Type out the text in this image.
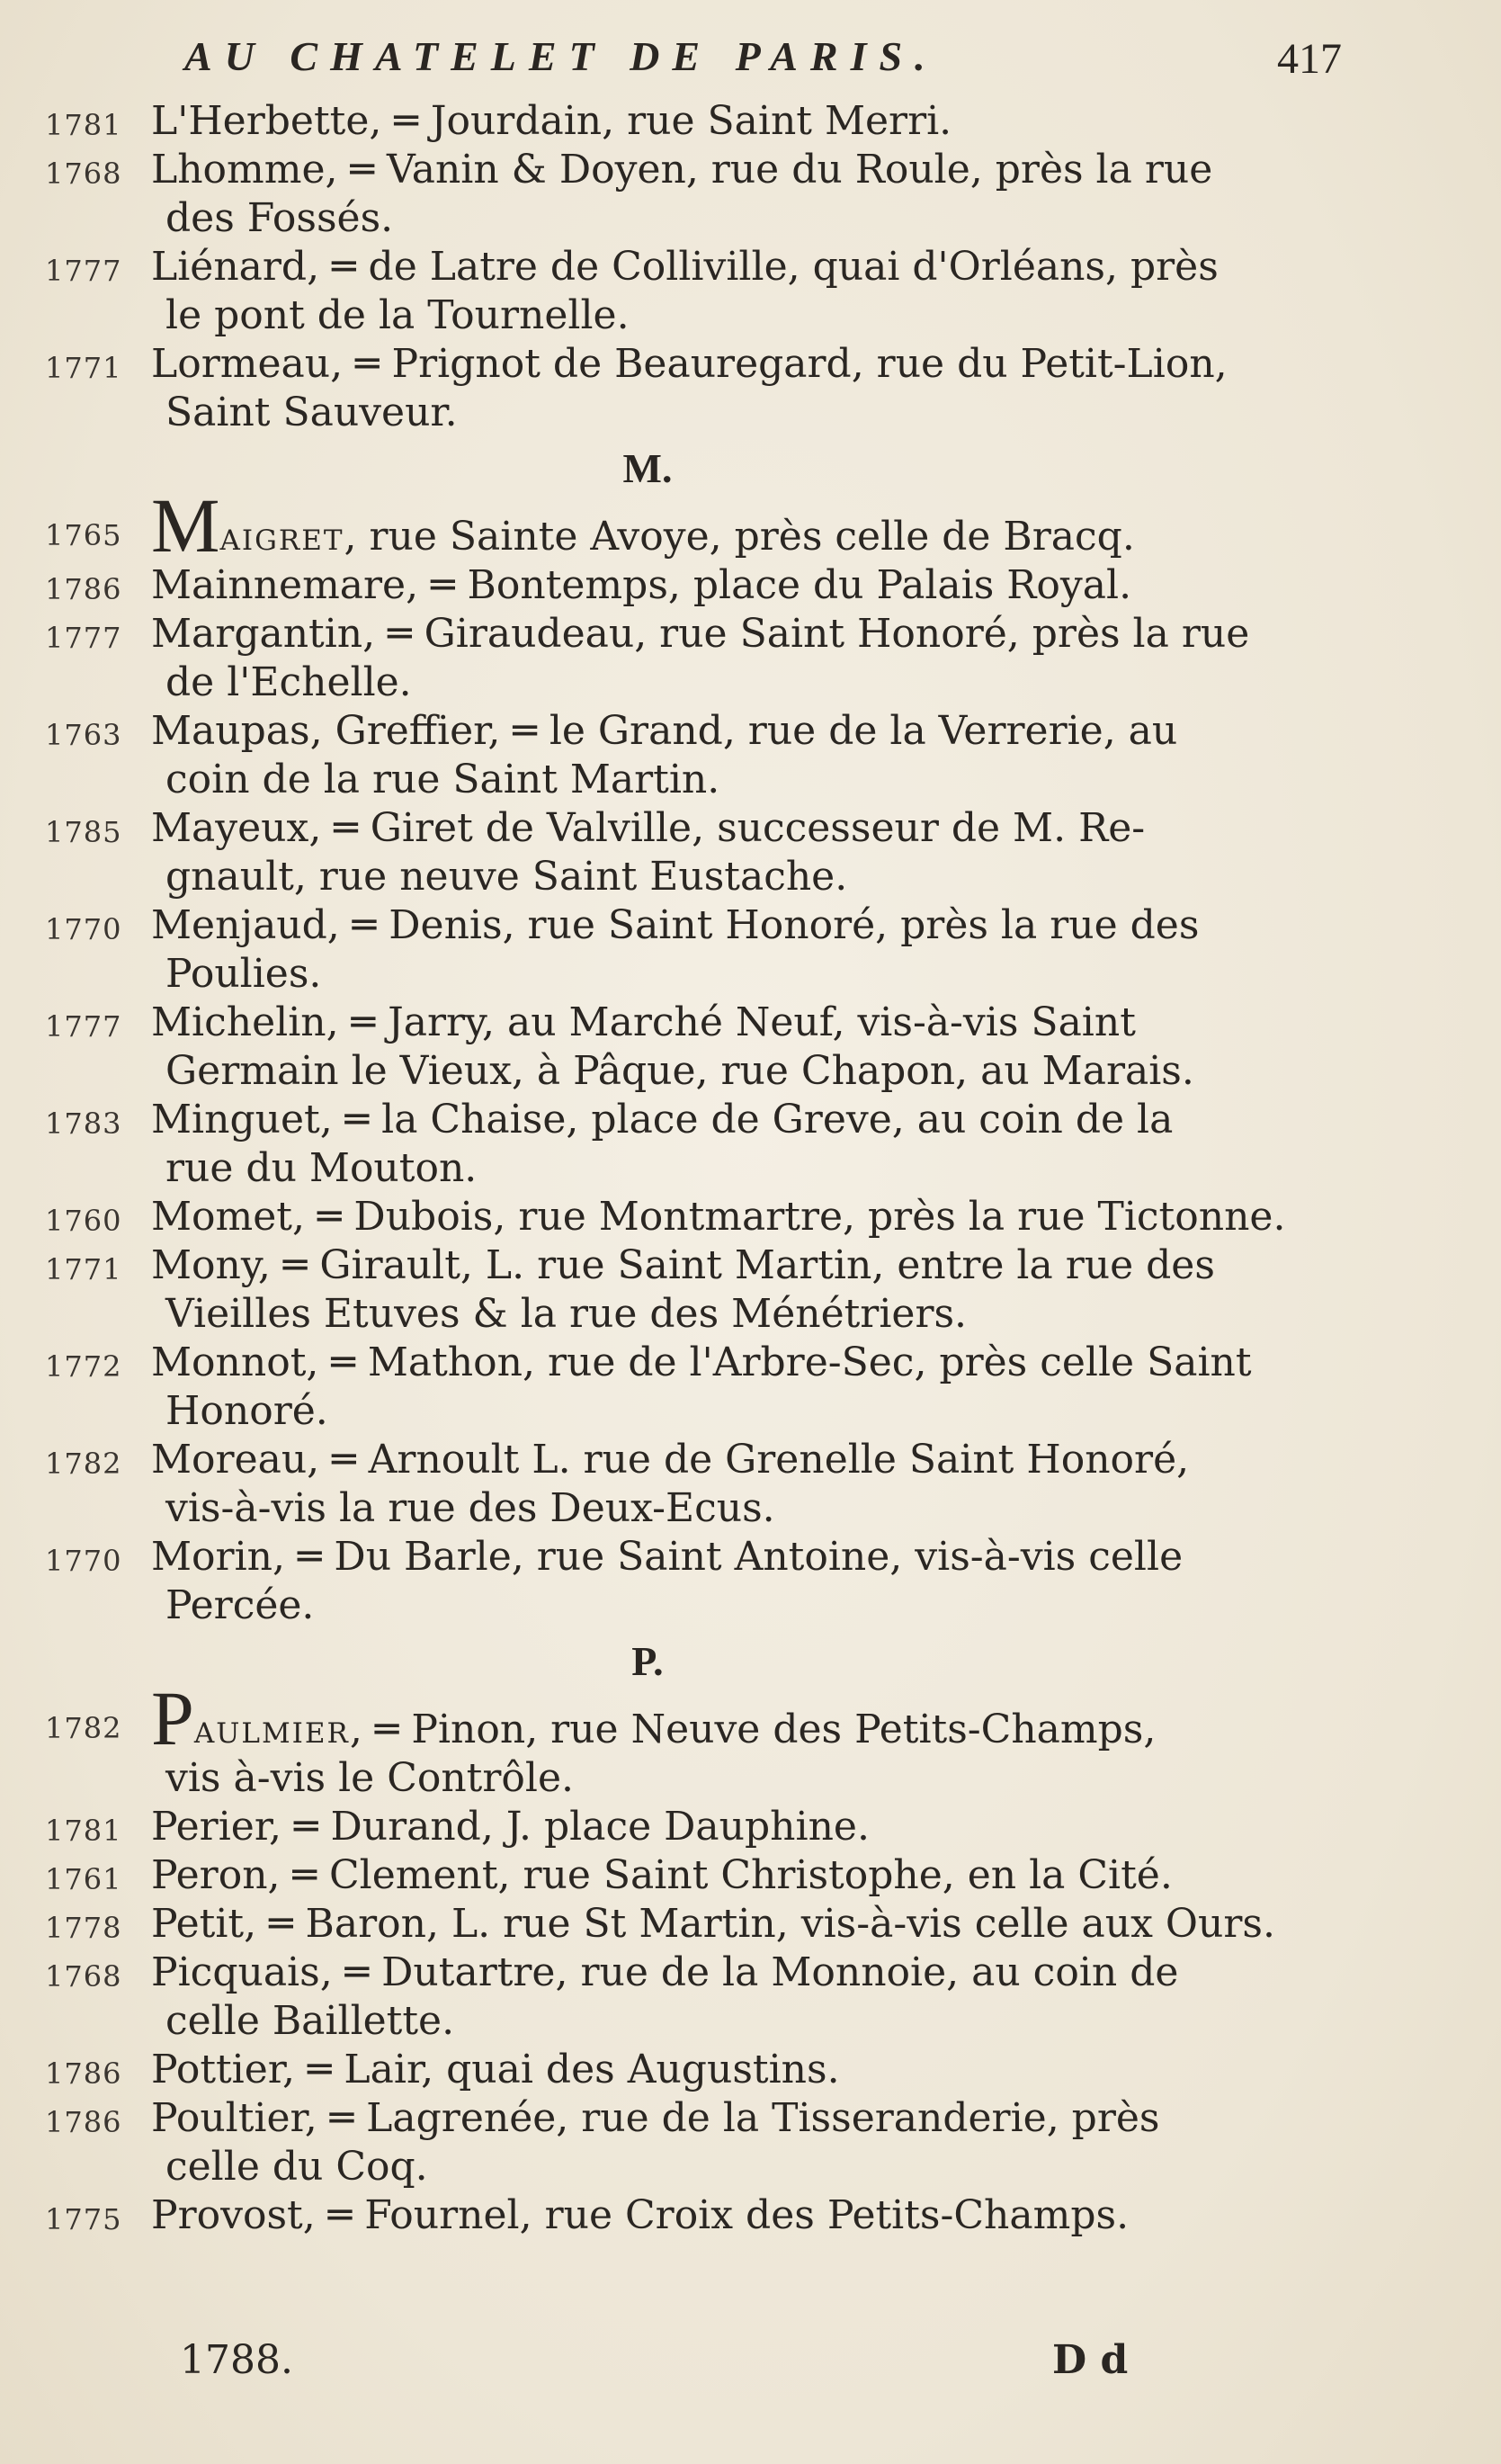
AU CHATELET DE PARIS.	417
1781 L'Herbette, ═ Jourdain, rue Saint Merri.
1768 Lhomme, ═ Vanin & Doyen, rue du Roule, près la rue
des Fossés.
1777 Liénard, ═ de Latre de Colliville, quai d'Orléans, près
le pont de la Tournelle.
1771 Lormeau, ═ Prignot de Beauregard, rue du Petit-Lion,
Saint Sauveur.
M.
1765 Maigret, rue Sainte Avoye, près celle de Bracq.
1786 Mainnemare, ═ Bontemps, place du Palais Royal.
1777 Margantin, ═ Giraudeau, rue Saint Honoré, près la rue
de l'Echelle.
1763 Maupas, Greffier, ═ le Grand, rue de la Verrerie, au
coin de la rue Saint Martin.
1785 Mayeux, ═ Giret de Valville, successeur de M. Re-
gnault, rue neuve Saint Eustache.
1770 Menjaud, ═ Denis, rue Saint Honoré, près la rue des
Poulies.
1777 Michelin, ═ Jarry, au Marché Neuf, vis-à-vis Saint
Germain le Vieux, à Pâque, rue Chapon, au Marais.
1783 Minguet, ═ la Chaise, place de Greve, au coin de la
rue du Mouton.
1760 Momet, ═ Dubois, rue Montmartre, près la rue Tictonne.
1771 Mony, ═ Girault, L. rue Saint Martin, entre la rue des
Vieilles Etuves & la rue des Ménétriers.
1772 Monnot, ═ Mathon, rue de l'Arbre-Sec, près celle Saint
Honoré.
1782 Moreau, ═ Arnoult L. rue de Grenelle Saint Honoré,
vis-à-vis la rue des Deux-Ecus.
1770 Morin, ═ Du Barle, rue Saint Antoine, vis-à-vis celle
Percée.
P.
1782 Paulmier, ═ Pinon, rue Neuve des Petits-Champs,
vis à-vis le Contrôle.
1781 Perier, ═ Durand, J. place Dauphine.
1761 Peron, ═ Clement, rue Saint Christophe, en la Cité.
1778 Petit, ═ Baron, L. rue St Martin, vis-à-vis celle aux Ours.
1768 Picquais, ═ Dutartre, rue de la Monnoie, au coin de
celle Baillette.
1786 Pottier, ═ Lair, quai des Augustins.
1786 Poultier, ═ Lagrenée, rue de la Tisseranderie, près
celle du Coq.
1775 Provost, ═ Fournel, rue Croix des Petits-Champs.
1788.	D d
